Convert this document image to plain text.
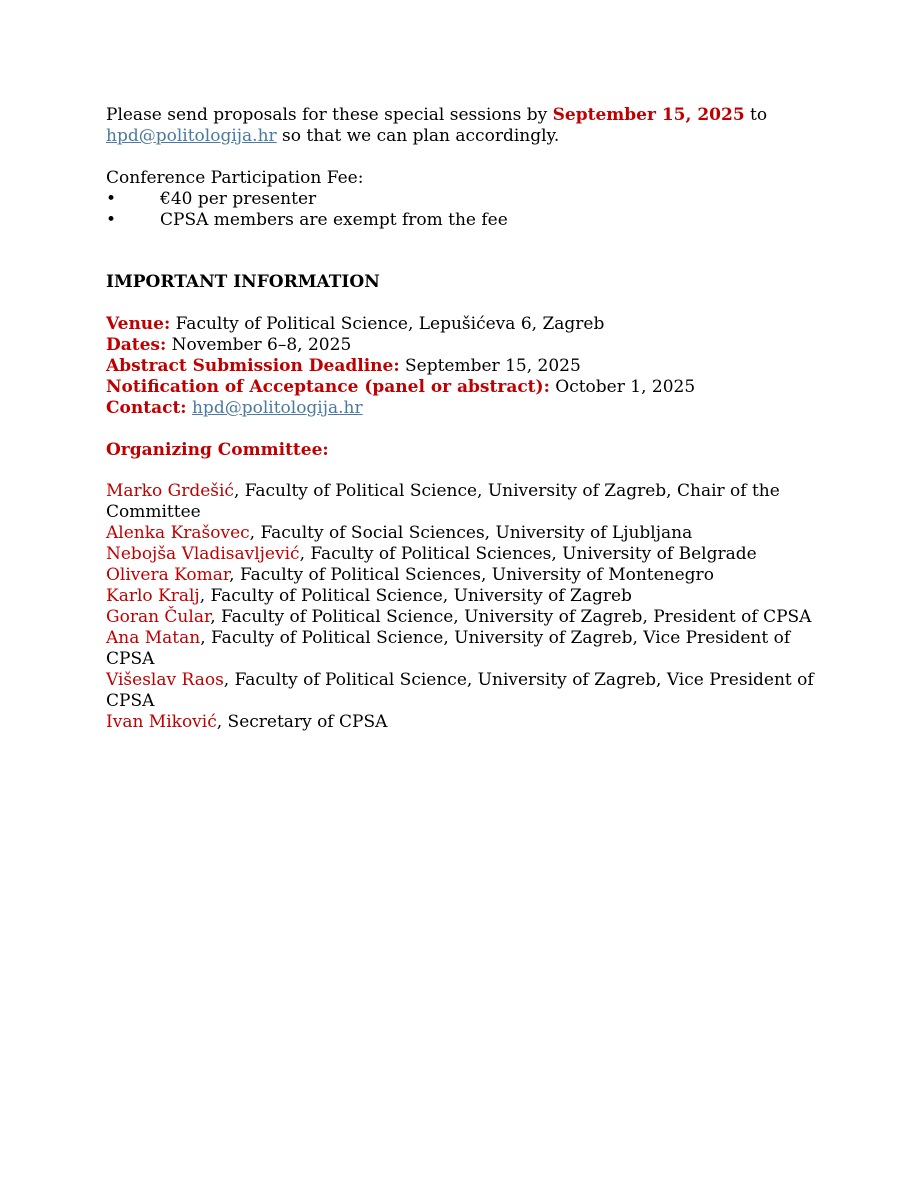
Please send proposals for these special sessions by September 15, 2025 to
hpd@politologija.hr so that we can plan accordingly.
Conference Participation Fee:
•	€40 per presenter
•	CPSA members are exempt from the fee
IMPORTANT INFORMATION
Venue: Faculty of Political Science, Lepušićeva 6, Zagreb
Dates: November 6–8, 2025
Abstract Submission Deadline: September 15, 2025
Notification of Acceptance (panel or abstract): October 1, 2025
Contact: hpd@politologija.hr
Organizing Committee:
Marko Grdešić, Faculty of Political Science, University of Zagreb, Chair of the Committee
Alenka Krašovec, Faculty of Social Sciences, University of Ljubljana
Nebojša Vladisavljević, Faculty of Political Sciences, University of Belgrade
Olivera Komar, Faculty of Political Sciences, University of Montenegro
Karlo Kralj, Faculty of Political Science, University of Zagreb
Goran Čular, Faculty of Political Science, University of Zagreb, President of CPSA
Ana Matan, Faculty of Political Science, University of Zagreb, Vice President of CPSA
Višeslav Raos, Faculty of Political Science, University of Zagreb, Vice President of CPSA
Ivan Miković, Secretary of CPSA
